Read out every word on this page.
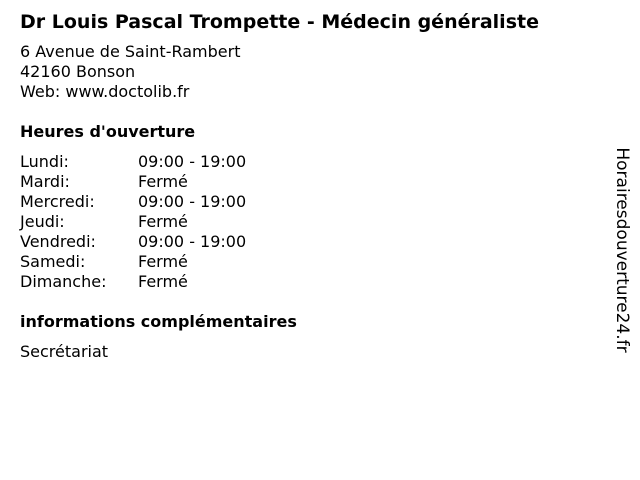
Dr Louis Pascal Trompette - Médecin généraliste
6 Avenue de Saint-Rambert
42160 Bonson
Web: www.doctolib.fr
Heures d'ouverture
Lundi:	09:00 - 19:00
Mardi:	Fermé
Mercredi:	09:00 - 19:00
Jeudi:	Fermé
Vendredi:	09:00 - 19:00
Samedi:	Fermé
Dimanche:	Fermé
informations complémentaires
Secrétariat	Horairesdouverture24.fr
